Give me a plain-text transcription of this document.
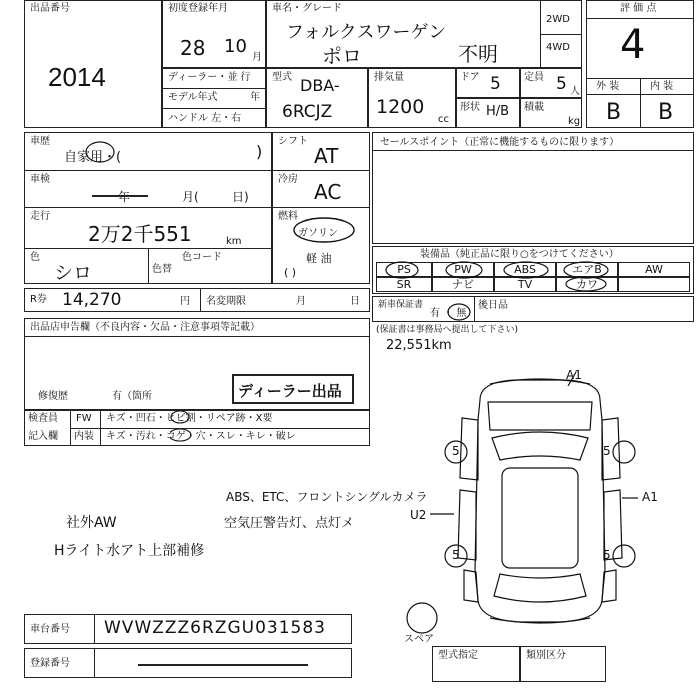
出品番号
2014
初度登録年月
28 10
月
車名・グレード
フォルクスワーゲン
ポロ	不明
2WD
4WD
評 価 点
4
外 装	内 装
B B
ディーラー・並 行
モデル年式	年
ハンドル 左・右
型式 DBA-
6RCJZ
排気量
1200
cc
ドア 5 定員 5 人
形状 H/B 積載
kg
車歴
自家用・(	)
車検
年	月(	日)
走行
2万2千551	km
色
シロ	色替
色コード
シフト
AT
冷房
AC
燃料
ガソリン
軽 油
( )
R券 14,270	円 名変期限	月	日
セールスポイント（正常に機能するものに限ります）
装備品（純正品に限り○をつけてください）
PS	PW	ABS	エアB	AW
SR	ナビ	TV	カワ
新車保証書
有 ・ 無
後日品
(保証書は事務局へ提出して下さい)
22,551km
出品店申告欄（不良内容・欠品・注意事項等記載）
修復歴	有（箇所	ディーラー出品
検査員
記入欄
FW キズ・凹石・ヒビ割・リペア跡・X要
内装 キズ・汚れ・コゲ・穴・スレ・キレ・破レ
ABS、ETC、フロントシングルカメラ
社外AW	空気圧警告灯、点灯メ
Hライト水アト上部補修
A1
A1
5	5
5	5
U2
スペア
車台番号 WVWZZZ6RZGU031583
登録番号
型式指定	類別区分
